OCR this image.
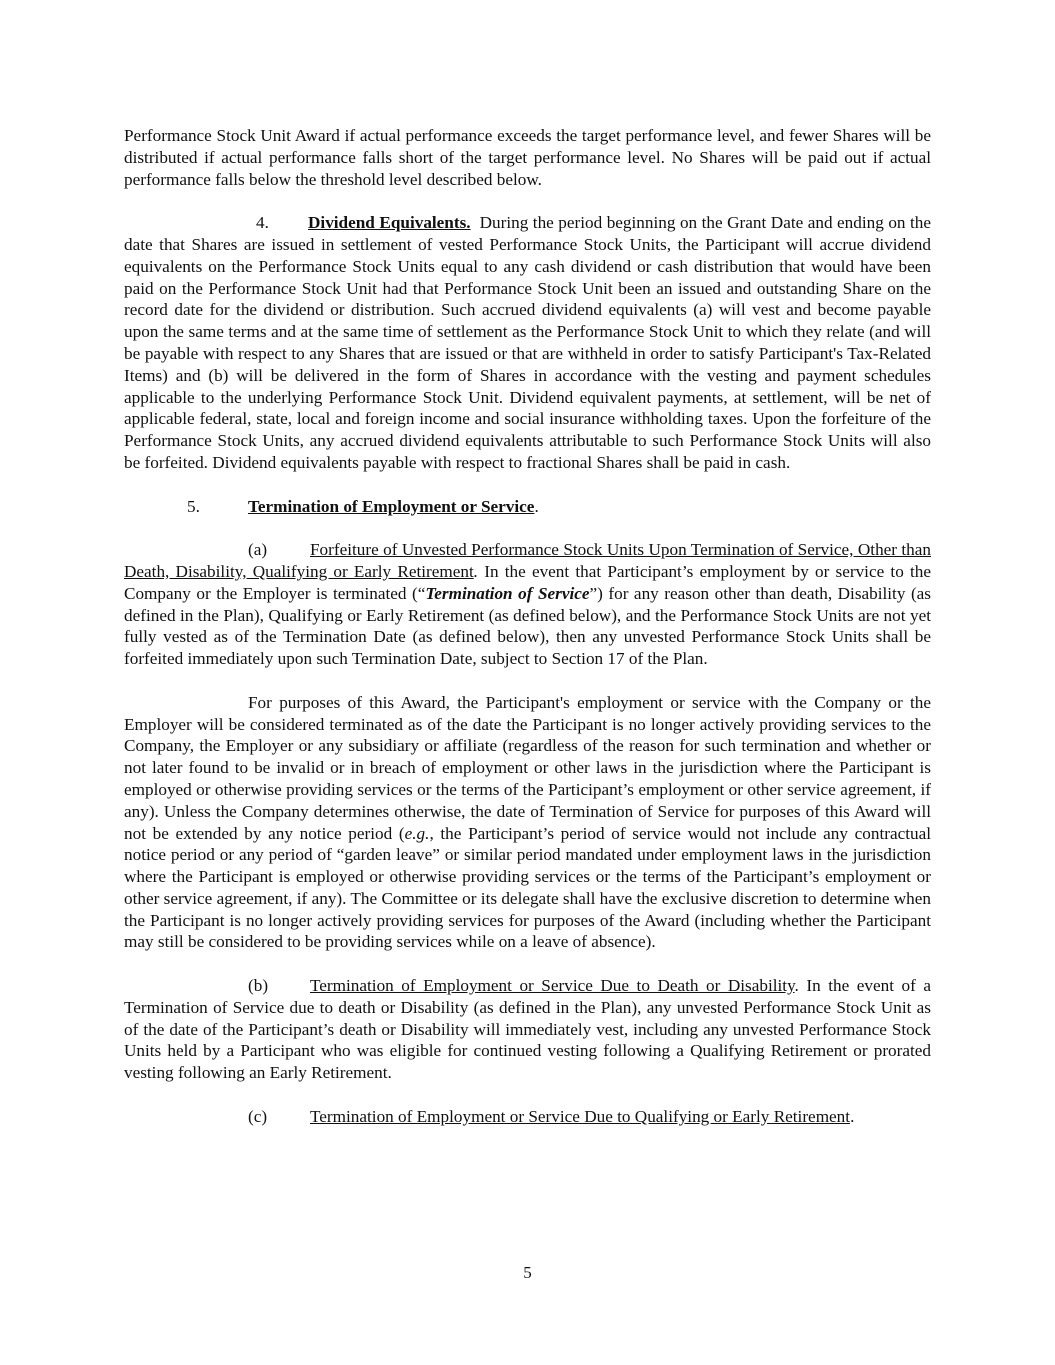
Performance Stock Unit Award if actual performance exceeds the target performance level, and fewer Shares will be distributed if actual performance falls short of the target performance level. No Shares will be paid out if actual performance falls below the threshold level described below.

4. Dividend Equivalents. During the period beginning on the Grant Date and ending on the date that Shares are issued in settlement of vested Performance Stock Units, the Participant will accrue dividend equivalents on the Performance Stock Units equal to any cash dividend or cash distribution that would have been paid on the Performance Stock Unit had that Performance Stock Unit been an issued and outstanding Share on the record date for the dividend or distribution. Such accrued dividend equivalents (a) will vest and become payable upon the same terms and at the same time of settlement as the Performance Stock Unit to which they relate (and will be payable with respect to any Shares that are issued or that are withheld in order to satisfy Participant's Tax-Related Items) and (b) will be delivered in the form of Shares in accordance with the vesting and payment schedules applicable to the underlying Performance Stock Unit. Dividend equivalent payments, at settlement, will be net of applicable federal, state, local and foreign income and social insurance withholding taxes. Upon the forfeiture of the Performance Stock Units, any accrued dividend equivalents attributable to such Performance Stock Units will also be forfeited. Dividend equivalents payable with respect to fractional Shares shall be paid in cash.

5.	Termination of Employment or Service.

(a) Forfeiture of Unvested Performance Stock Units Upon Termination of Service, Other than Death, Disability, Qualifying or Early Retirement. In the event that Participant’s employment by or service to the Company or the Employer is terminated (“Termination of Service”) for any reason other than death, Disability (as defined in the Plan), Qualifying or Early Retirement (as defined below), and the Performance Stock Units are not yet fully vested as of the Termination Date (as defined below), then any unvested Performance Stock Units shall be forfeited immediately upon such Termination Date, subject to Section 17 of the Plan.

For purposes of this Award, the Participant's employment or service with the Company or the Employer will be considered terminated as of the date the Participant is no longer actively providing services to the Company, the Employer or any subsidiary or affiliate (regardless of the reason for such termination and whether or not later found to be invalid or in breach of employment or other laws in the jurisdiction where the Participant is employed or otherwise providing services or the terms of the Participant’s employment or other service agreement, if any). Unless the Company determines otherwise, the date of Termination of Service for purposes of this Award will not be extended by any notice period (e.g., the Participant’s period of service would not include any contractual notice period or any period of “garden leave” or similar period mandated under employment laws in the jurisdiction where the Participant is employed or otherwise providing services or the terms of the Participant’s employment or other service agreement, if any). The Committee or its delegate shall have the exclusive discretion to determine when the Participant is no longer actively providing services for purposes of the Award (including whether the Participant may still be considered to be providing services while on a leave of absence).

(b) Termination of Employment or Service Due to Death or Disability. In the event of a Termination of Service due to death or Disability (as defined in the Plan), any unvested Performance Stock Unit as of the date of the Participant’s death or Disability will immediately vest, including any unvested Performance Stock Units held by a Participant who was eligible for continued vesting following a Qualifying Retirement or prorated vesting following an Early Retirement.

(c) Termination of Employment or Service Due to Qualifying or Early Retirement.

5
